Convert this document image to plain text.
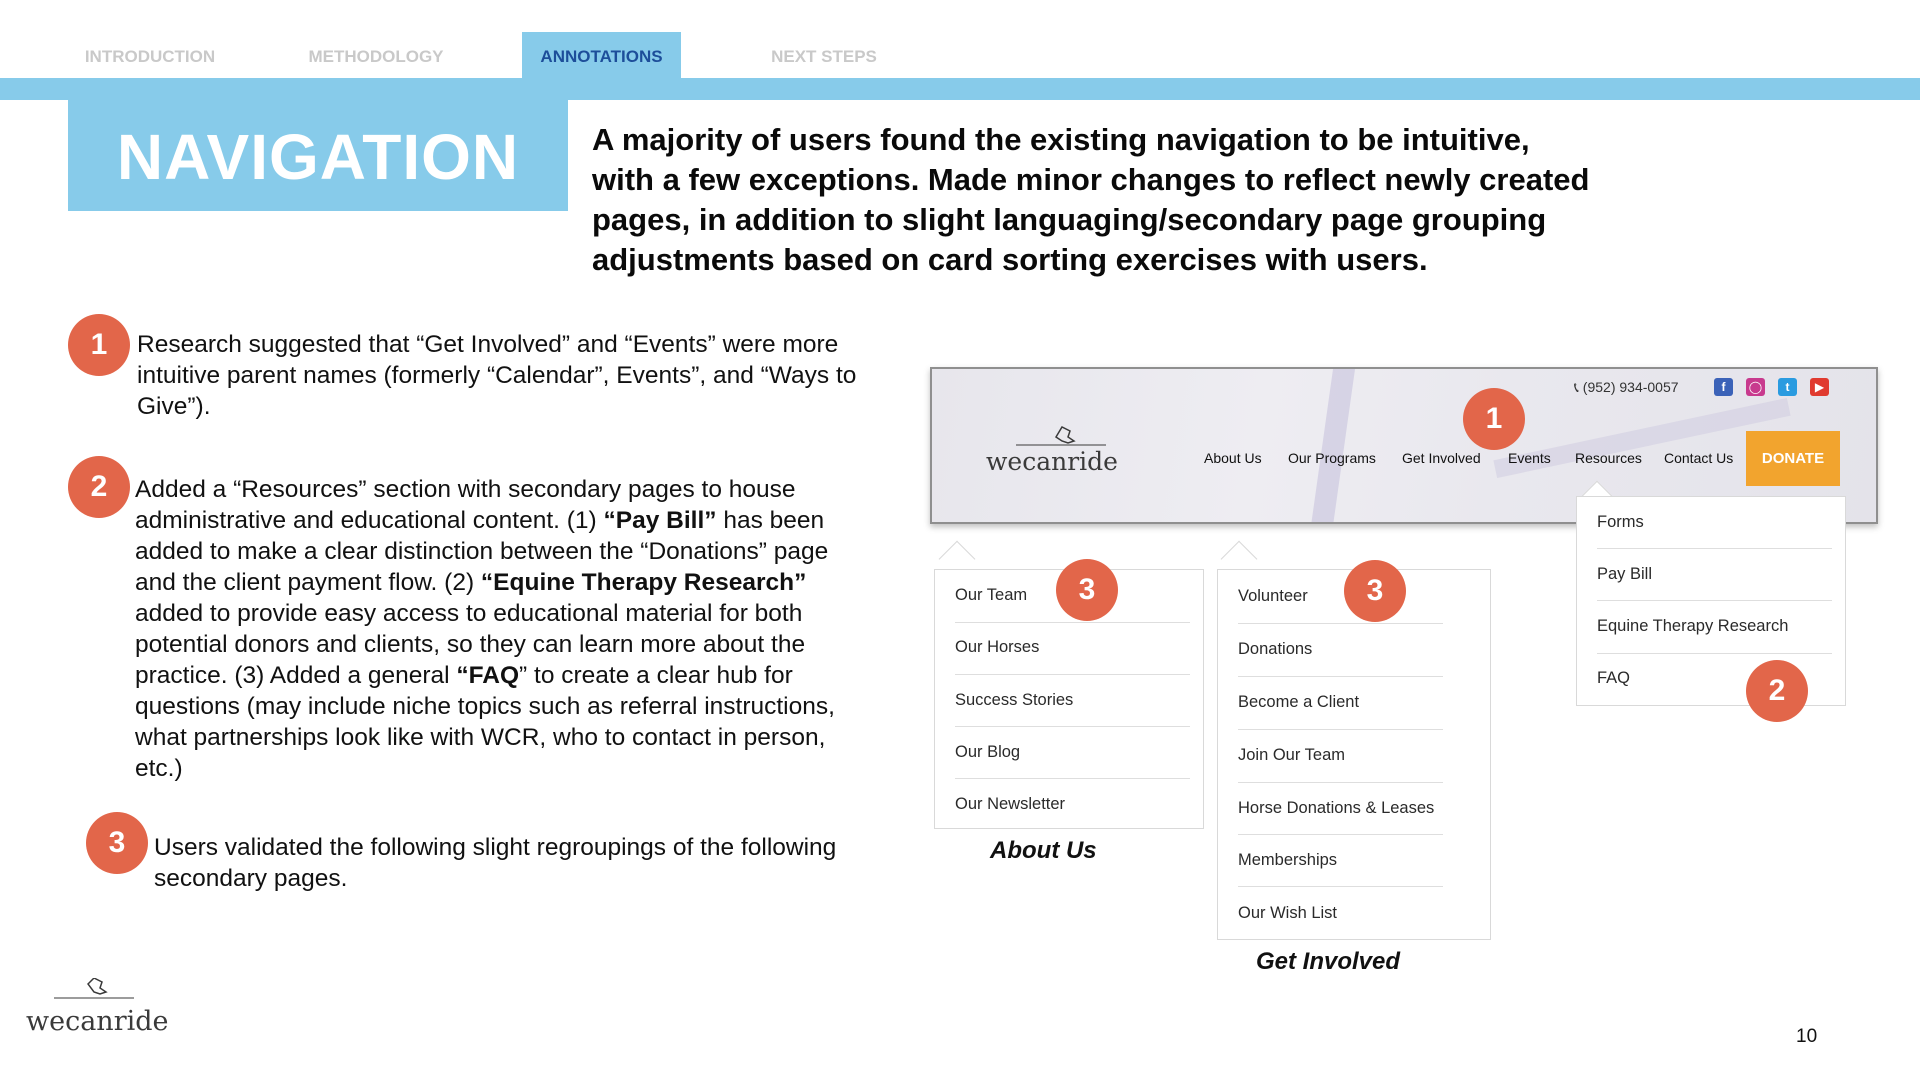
INTRODUCTION	METHODOLOGY	ANNOTATIONS	NEXT STEPS
NAVIGATION	A majority of users found the existing navigation to be intuitive, with a few exceptions. Made minor changes to reflect newly created pages, in addition to slight languaging/secondary page grouping adjustments based on card sorting exercises with users.
1	Research suggested that “Get Involved” and “Events” were more intuitive parent names (formerly “Calendar”, Events”, and “Ways to Give”).
2	Added a “Resources” section with secondary pages to house administrative and educational content. (1) “Pay Bill” has been added to make a clear distinction between the “Donations” page and the client payment flow. (2) “Equine Therapy Research” added to provide easy access to educational material for both potential donors and clients, so they can learn more about the practice. (3) Added a general “FAQ” to create a clear hub for questions (may include niche topics such as referral instructions, what partnerships look like with WCR, who to contact in person, etc.)
3	Users validated the following slight regroupings of the following secondary pages.
📞︎ (952) 934-0057	f	◯	t	▶
wecanride	About Us Our Programs Get Involved Events Resources Contact Us	DONATE
1
Forms
Pay Bill
Equine Therapy Research
FAQ	2
Our Team
Our Horses
Success Stories
Our Blog
Our Newsletter
3
About Us
Volunteer
Donations
Become a Client
Join Our Team
Horse Donations & Leases
Memberships
Our Wish List
3
Get Involved
wecanride	10
